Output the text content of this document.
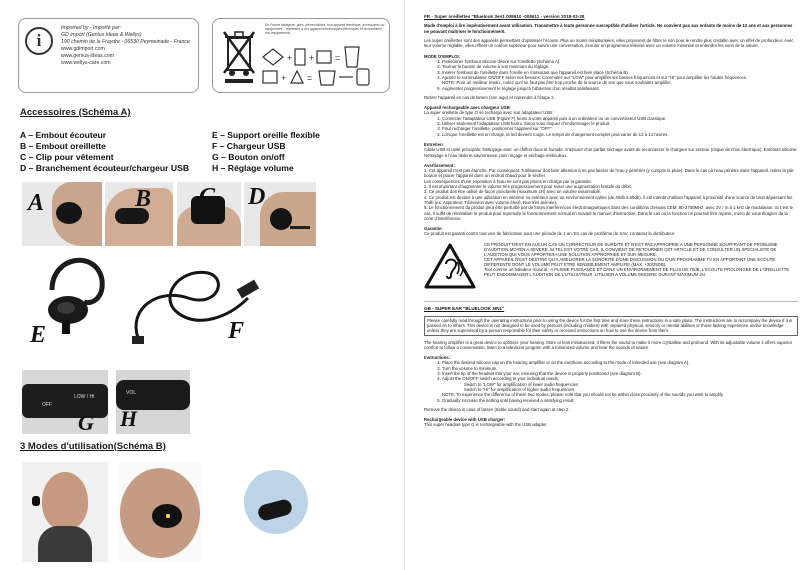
i
Imported by - Importé par:
GD import (Genius Ideas & Wellys)
190 chemin de la Fraydre - 06530 Peymeinade - France
www.gdimport.com
www.genius-ideas.com
www.wellys-care.com
En France fabriquée, piles, pièces/câbles, tout appareil électrique, accessoires ou équipement... reprendre à vos appareil électroniques/électriques et accessoires/éco-équipements.
+ + =
+ =
Accessoires (Schéma A)
A – Embout écouteur	E – Support oreille flexible
B – Embout oreillette	F – Chargeur USB
C – Clip pour vêtement	G – Bouton on/off
D – Branchement écouteur/chargeur USB	H – Réglage volume
A	B C D
E	F
OFF
LOW / HI
G
VOL
H
3 Modes d'utilisation(Schéma B)
FR - Super oreillettes "Bluelook 3en1 008610 -008611 - version 2018-03-28
Mode d'emploi à lire impérativement avant utilisation. Transmettre à toute personne susceptible d'utiliser l'article. Ne convient pas aux enfants de moins de 12 ans et aux personnes ne pouvant maîtriser le fonctionnement.

Les super oreillettes sont des appareils permettant d'optimiser l'écoute. Plus ou moins miniaturisées, elles proposent de filtrer le son pour le rendre plus cristallin avec un effet de profondeur. Avec leur volume réglable, elles offrent un confort supérieur pour suivre une conversation, écouter un programme télévisé avec un volume minimisé et entendre les sons de la nature.

MODE D'EMPLOI:

1. Positionner l'embout silicone désiré sur l'oreillette (Schéma A).
2. Tourner le bouton de volume à son minimum du réglage.
3. Insérer l'embout de l'oreillette dans l'oreille en s'assurant que l'appareil est bien placé (Schéma B).
4. Ajustez le commutateur ON/OFF selon vos besoins: Commutez sur "LOW" pour amplifier les basses fréquences et sur "Hi" pour amplifier les hautes fréquences.
NOTE: Pour un meilleur rendu , notez qu'il ne faut pas être trop proche de la source de son que vous souhaitez amplifier.
5. Augmenter progressivement le réglage jusqu'à l'obtention d'un résultat satisfaisant.

Retirer l'appareil en cas de larsen (son aigu) et reprendre à l'étape 2.

Appareil rechargeable avec chargeur USB:

La super oreillette de type G se recharge avec son adaptateur USB :

1. Connecter l'adaptateur USB (Figure F) fourni à votre appareil puis à un ordinateur ou un convertisseur USB classique.
2. Utiliser seulement l'adaptateur USB fourni. Sinon vous risquez d'endommager le produit.
3. Pour recharger l'oreillette, positionner l'appareil sur "OFF".
4. Lorsque l'oreillette est en charge, la led devient rouge. Le temps de chargement complet peut varier de 12 à 14 heures.

Entretien:

Câble USB et unité principale: Nettoyage avec un chiffon doux et humide. S'assurer d'un parfait séchage avant de reconnecter le chargeur sur secteur (risque de choc électrique). Embouts silicone: Nettoyage à l'eau tiède et savonneuse, puis rinçage et séchage méticuleux.

Avertissement:

1. Cet appareil n'est pas étanche. Par conséquent, l'utilisateur doit faire attention à ne pas laisser de l'eau y pénétrer (y compris la pluie). Dans le cas où l'eau pénètre dans l'appareil, retirer la pile bouton et placer l'appareil dans un endroit chaud pour le sécher.

Les conséquences d'une exposition à l'eau ne sont pas prises en charge par la garantie.

2. Il est important d'augmenter le volume très progressivement pour éviter une augmentation brutale du débit.

3. Ce produit doit être utilisé de façon ponctuelle (maximum 2H) avec un volume raisonnable.

4. Ce produit est destiné à une utilisation en intérieur ou extérieur avec un environnement calme (de 40db à 60db). Il est interdit d'utiliser l'appareil à proximité d'une source de bruit dépassant les 70db (ex: Aspirateur, Télévision avec volume élevé, Rue très animée).

5. Le fonctionnement du produit peut être perturbé par de fortes interférences électromagnétiques dans des conditions d'essais CEM: 80-2700MHz, avec 3V / m à 1 kHz de modulation. Si c'est le cas, il suffit de réinitialiser le produit pour reprendre le fonctionnement normal en suivant le manuel d'instruction. Dans le cas où la fonction ne pourrait être reprise, merci de vous éloigner de la zone d'interférence.

Garantie:

Ce produit est garanti contre tout vice de fabrication pour une période de 1 an. En cas de problème de SAV, contacter le distributeur.

CE PRODUIT N'EST EN AUCUN CAS UN CORRECTEUR DE SURDITE ET N'EST PAS APPROPRIE A UNE PERSONNE SOUFFRANT DE PROBLEME D'AUDITION MOYEN A SEVERE. SI TEL EST VOTRE CAS, IL CONVIENT DE RETOURNER CET ARTICLE ET DE CONSULTER UN SPECIALISTE DE L'AUDITION QUI VOUS APPORTERA UNE SOLUTION APPROPRIEE ET SUR MESURE.
CET APPAREIL N'EST DESTINE QU'A AMELIORER LA SONORITE D'UNE DISCUSSION OU D'UN PROGRAMME TV EN APPORTANT UNE ECOUTE DIFFERENTE DONT LE VOLUME PEUT ETRE SENSIBLEMENT AMPLIFIE (MAX. +20/25DB).
Tout comme un baladeur musical : A PLEINE PUISSANCE ET DANS UN ENVIRONNEMENT DE PLUS DE 70dB, L'ECOUTE PROLONGEE DE L'OREILLETTE PEUT ENDOMMAGER L'AUDITION DE L'UTILISATEUR. UTILISER A VOLUME MODERE DURANT MAXIMUM 2H.
GB - SUPER EAR "BLUELOOK 3IN1"

Please carefully read through the operating instructions prior to using the device for the first time and store these instructions in a safe place. The instructions are to accompany the device if it is passed on to others. This device is not designed to be used by persons (including children) with impaired physical, sensory or mental abilities or those lacking experience and/or knowledge unless they are supervised by a person responsible for their safety or received instructions on how to use the device from them.

The hearing amplifier is a great device to optimize your hearing. More or less miniaturized, it filters the sound to make it more crystalline and profound. With its adjustable volume it offers superior comfort to follow a conversation, listen to a television program with a minimized volume and hear the sounds of nature.

Instructions:

1. Place the desired silicone cap on the hearing amplifier or on the earphone according to the mode of intended use (see diagram A).
2. Turn the volume to minimum.
3. Insert the tip of the headset into your ear, ensuring that the device is properly positioned (see diagram B).
4. Adjust the ON/OFF switch according to your individual needs:
Switch to "LOW" for amplification of lower audio frequencies
Switch to "Hi" for amplification of higher audio frequencies
NOTE: To experience the difference of these two modes, please note that you should not be within close proximity of the sounds you wish to amplify.
5. Gradually increase the setting until having received a satisfying result.

Remove the device in case of larsen (treble sound) and start again at step 2.

Rechargeable device with USB charger:

This super headset type G is rechargeable with the USB adapter.
